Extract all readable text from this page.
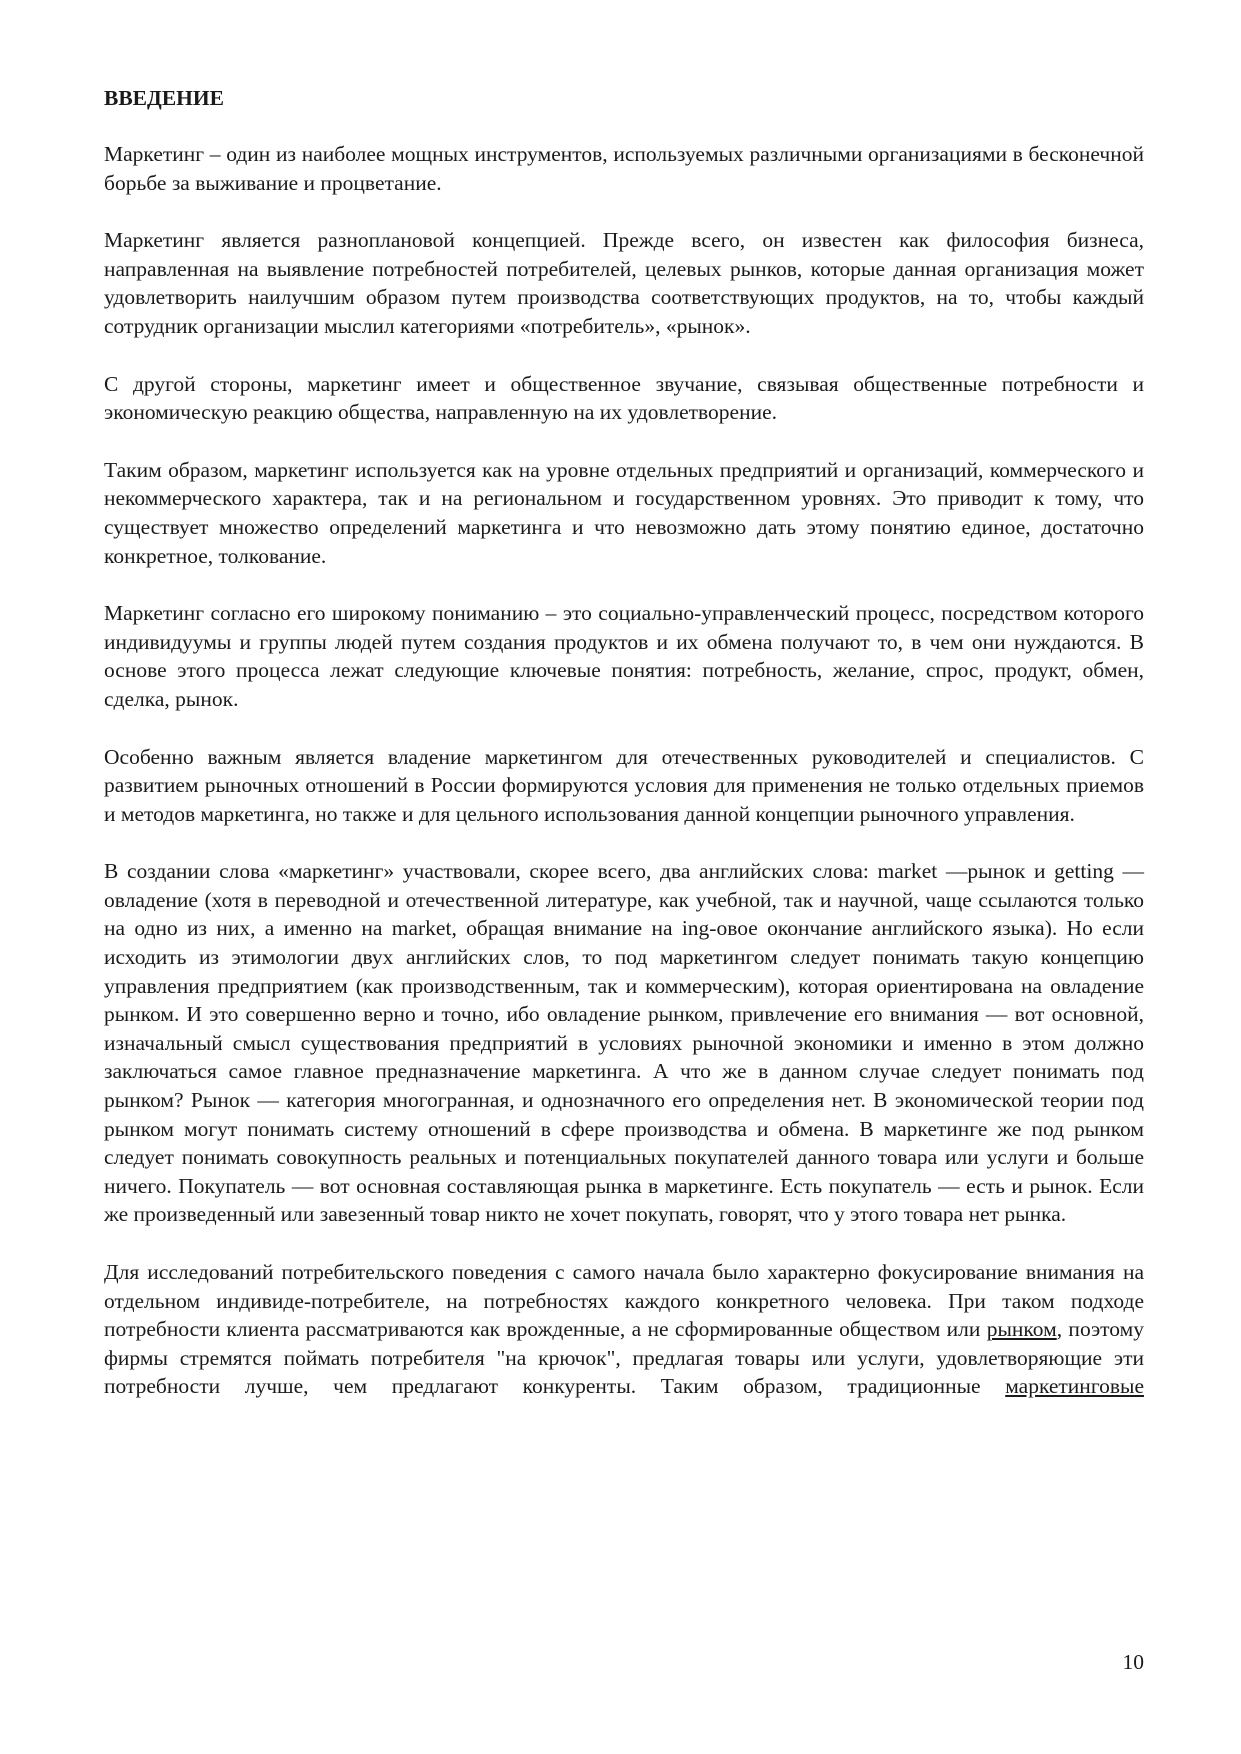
ВВЕДЕНИЕ

Маркетинг – один из наиболее мощных инструментов, используемых различными организациями в бесконечной борьбе за выживание и процветание.

Маркетинг является разноплановой концепцией. Прежде всего, он известен как философия бизнеса, направленная на выявление потребностей потребителей, целевых рынков, которые данная организация может удовлетворить наилучшим образом путем производства соответствующих продуктов, на то, чтобы каждый сотрудник организации мыслил категориями «потребитель», «рынок».

С другой стороны, маркетинг имеет и общественное звучание, связывая общественные потребности и экономическую реакцию общества, направленную на их удовлетворение.

Таким образом, маркетинг используется как на уровне отдельных предприятий и организаций, коммерческого и некоммерческого характера, так и на региональном и государственном уровнях. Это приводит к тому, что существует множество определений маркетинга и что невозможно дать этому понятию единое, достаточно конкретное, толкование.

Маркетинг согласно его широкому пониманию – это социально-управленческий процесс, посредством которого индивидуумы и группы людей путем создания продуктов и их обмена получают то, в чем они нуждаются. В основе этого процесса лежат следующие ключевые понятия: потребность, желание, спрос, продукт, обмен, сделка, рынок.

Особенно важным является владение маркетингом для отечественных руководителей и специалистов. С развитием рыночных отношений в России формируются условия для применения не только отдельных приемов и методов маркетинга, но также и для цельного использования данной концепции рыночного управления.

В создании слова «маркетинг» участвовали, скорее всего, два английских слова: market —рынок и getting —овладение (хотя в переводной и отечественной литературе, как учебной, так и научной, чаще ссылаются только на одно из них, а именно на market, обращая внимание на ing-овое окончание английского языка). Но если исходить из этимологии двух английских слов, то под маркетингом следует понимать такую концепцию управления предприятием (как производственным, так и коммерческим), которая ориентирована на овладение рынком. И это совершенно верно и точно, ибо овладение рынком, привлечение его внимания — вот основной, изначальный смысл существования предприятий в условиях рыночной экономики и именно в этом должно заключаться самое главное предназначение маркетинга. А что же в данном случае следует понимать под рынком? Рынок — категория многогранная, и однозначного его определения нет. В экономической теории под рынком могут понимать систему отношений в сфере производства и обмена. В маркетинге же под рынком следует понимать совокупность реальных и потенциальных покупателей данного товара или услуги и больше ничего. Покупатель — вот основная составляющая рынка в маркетинге. Есть покупатель — есть и рынок. Если же произведенный или завезенный товар никто не хочет покупать, говорят, что у этого товара нет рынка.

Для исследований потребительского поведения с самого начала было характерно фокусирование внимания на отдельном индивиде-потребителе, на потребностях каждого конкретного человека. При таком подходе потребности клиента рассматриваются как врожденные, а не сформированные обществом или рынком, поэтому фирмы стремятся поймать потребителя "на крючок", предлагая товары или услуги, удовлетворяющие эти потребности лучше, чем предлагают конкуренты. Таким образом, традиционные маркетинговые

10
